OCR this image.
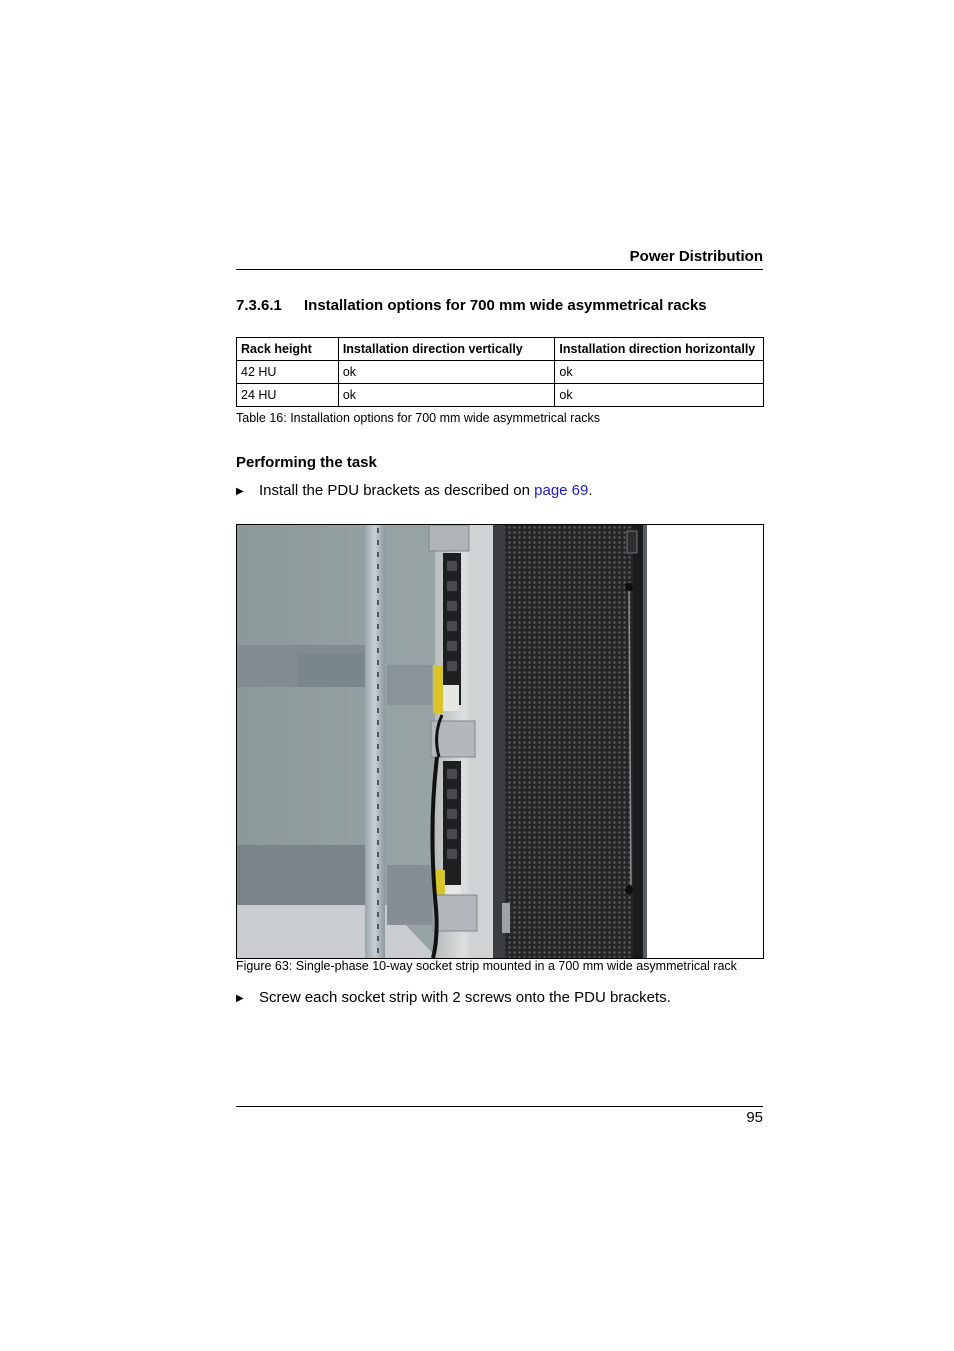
Power Distribution
7.3.6.1 Installation options for 700 mm wide asymmetrical racks
Rack height	Installation direction vertically	Installation direction horizontally
42 HU	ok	ok
24 HU	ok	ok
Table 16: Installation options for 700 mm wide asymmetrical racks
Performing the task
▶ Install the PDU brackets as described on page 69.
Figure 63: Single-phase 10-way socket strip mounted in a 700 mm wide asymmetrical rack
▶ Screw each socket strip with 2 screws onto the PDU brackets.
95
